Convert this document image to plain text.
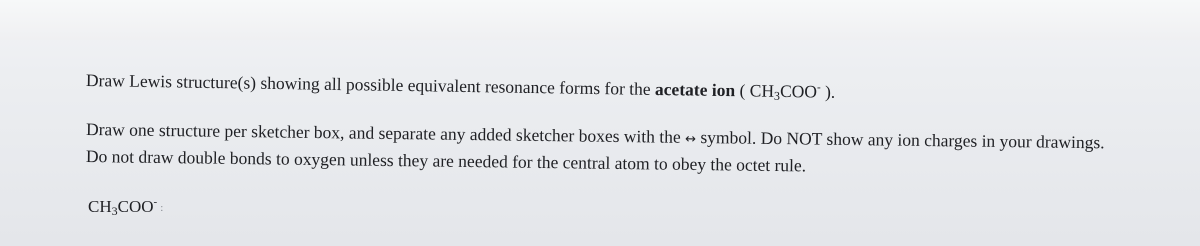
Draw Lewis structure(s) showing all possible equivalent resonance forms for the acetate ion ( $CH_3COO^-$ ).
Draw one structure per sketcher box, and separate any added sketcher boxes with the ↔ symbol. Do NOT show any ion charges in your drawings.
Do not draw double bonds to oxygen unless they are needed for the central atom to obey the octet rule.
$CH_3COO^-$ :
